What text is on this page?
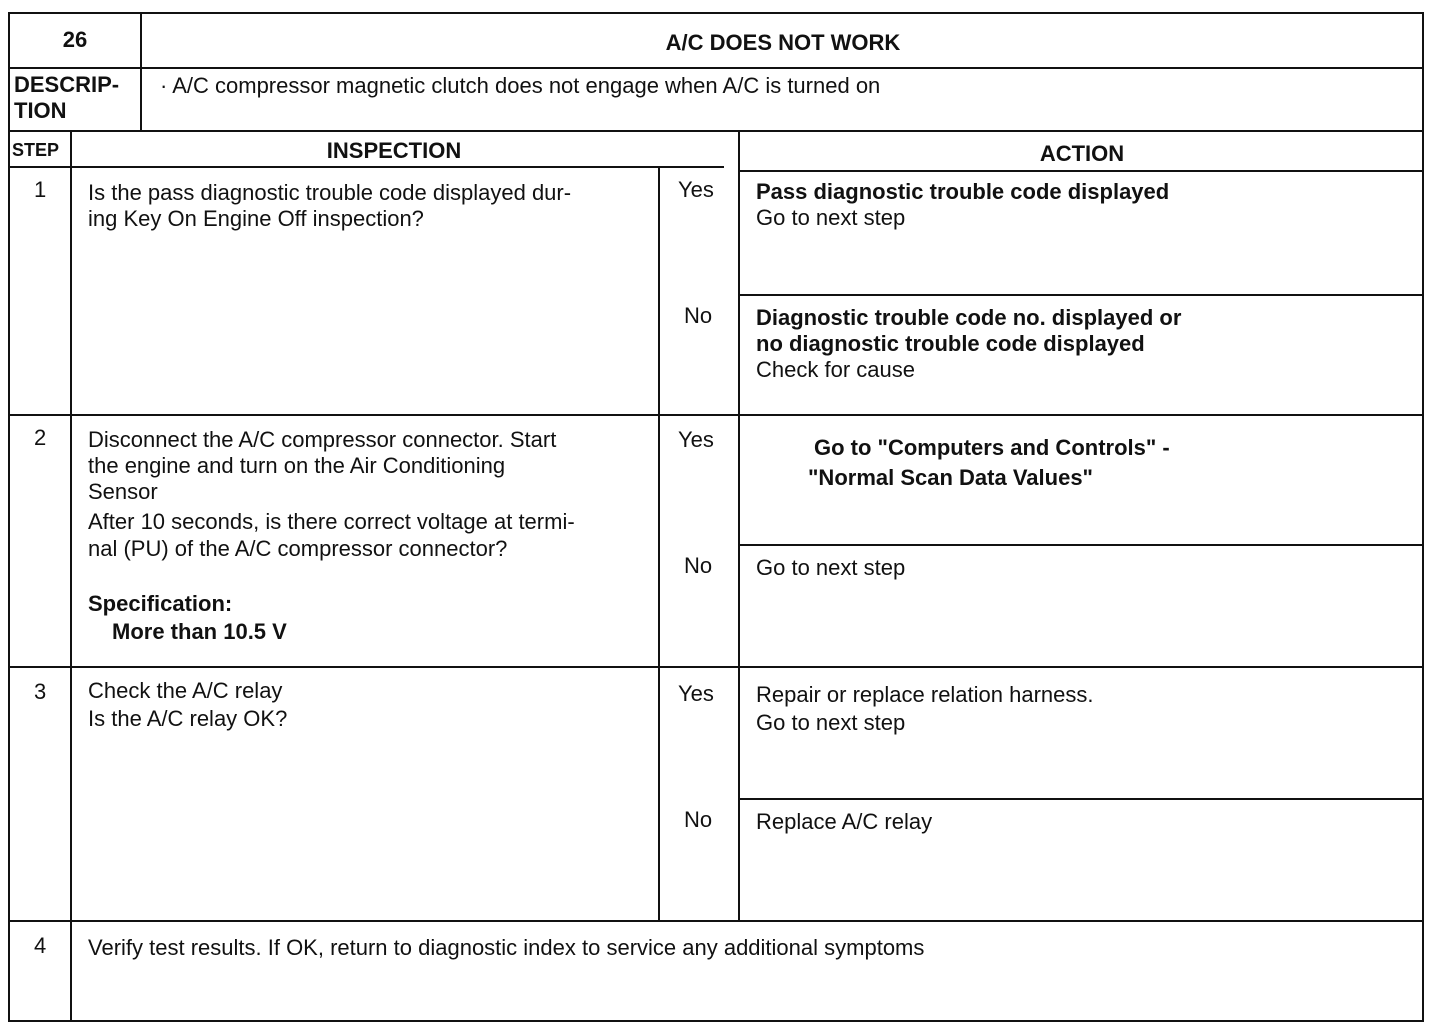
26	A/C DOES NOT WORK
DESCRIP-
TION
· A/C compressor magnetic clutch does not engage when A/C is turned on
STEP	INSPECTION	ACTION
1 Is the pass diagnostic trouble code displayed dur-
ing Key On Engine Off inspection?
Yes Pass diagnostic trouble code displayed
Go to next step
No Diagnostic trouble code no. displayed or
no diagnostic trouble code displayed
Check for cause
2 Disconnect the A/C compressor connector. Start
the engine and turn on the Air Conditioning
Sensor
After 10 seconds, is there correct voltage at termi-
nal (PU) of the A/C compressor connector?
Specification:
More than 10.5 V
Yes	Go to "Computers and Controls" -
"Normal Scan Data Values"
No Go to next step
3 Check the A/C relay
Is the A/C relay OK?
Yes Repair or replace relation harness.
Go to next step
No Replace A/C relay
4 Verify test results. If OK, return to diagnostic index to service any additional symptoms
